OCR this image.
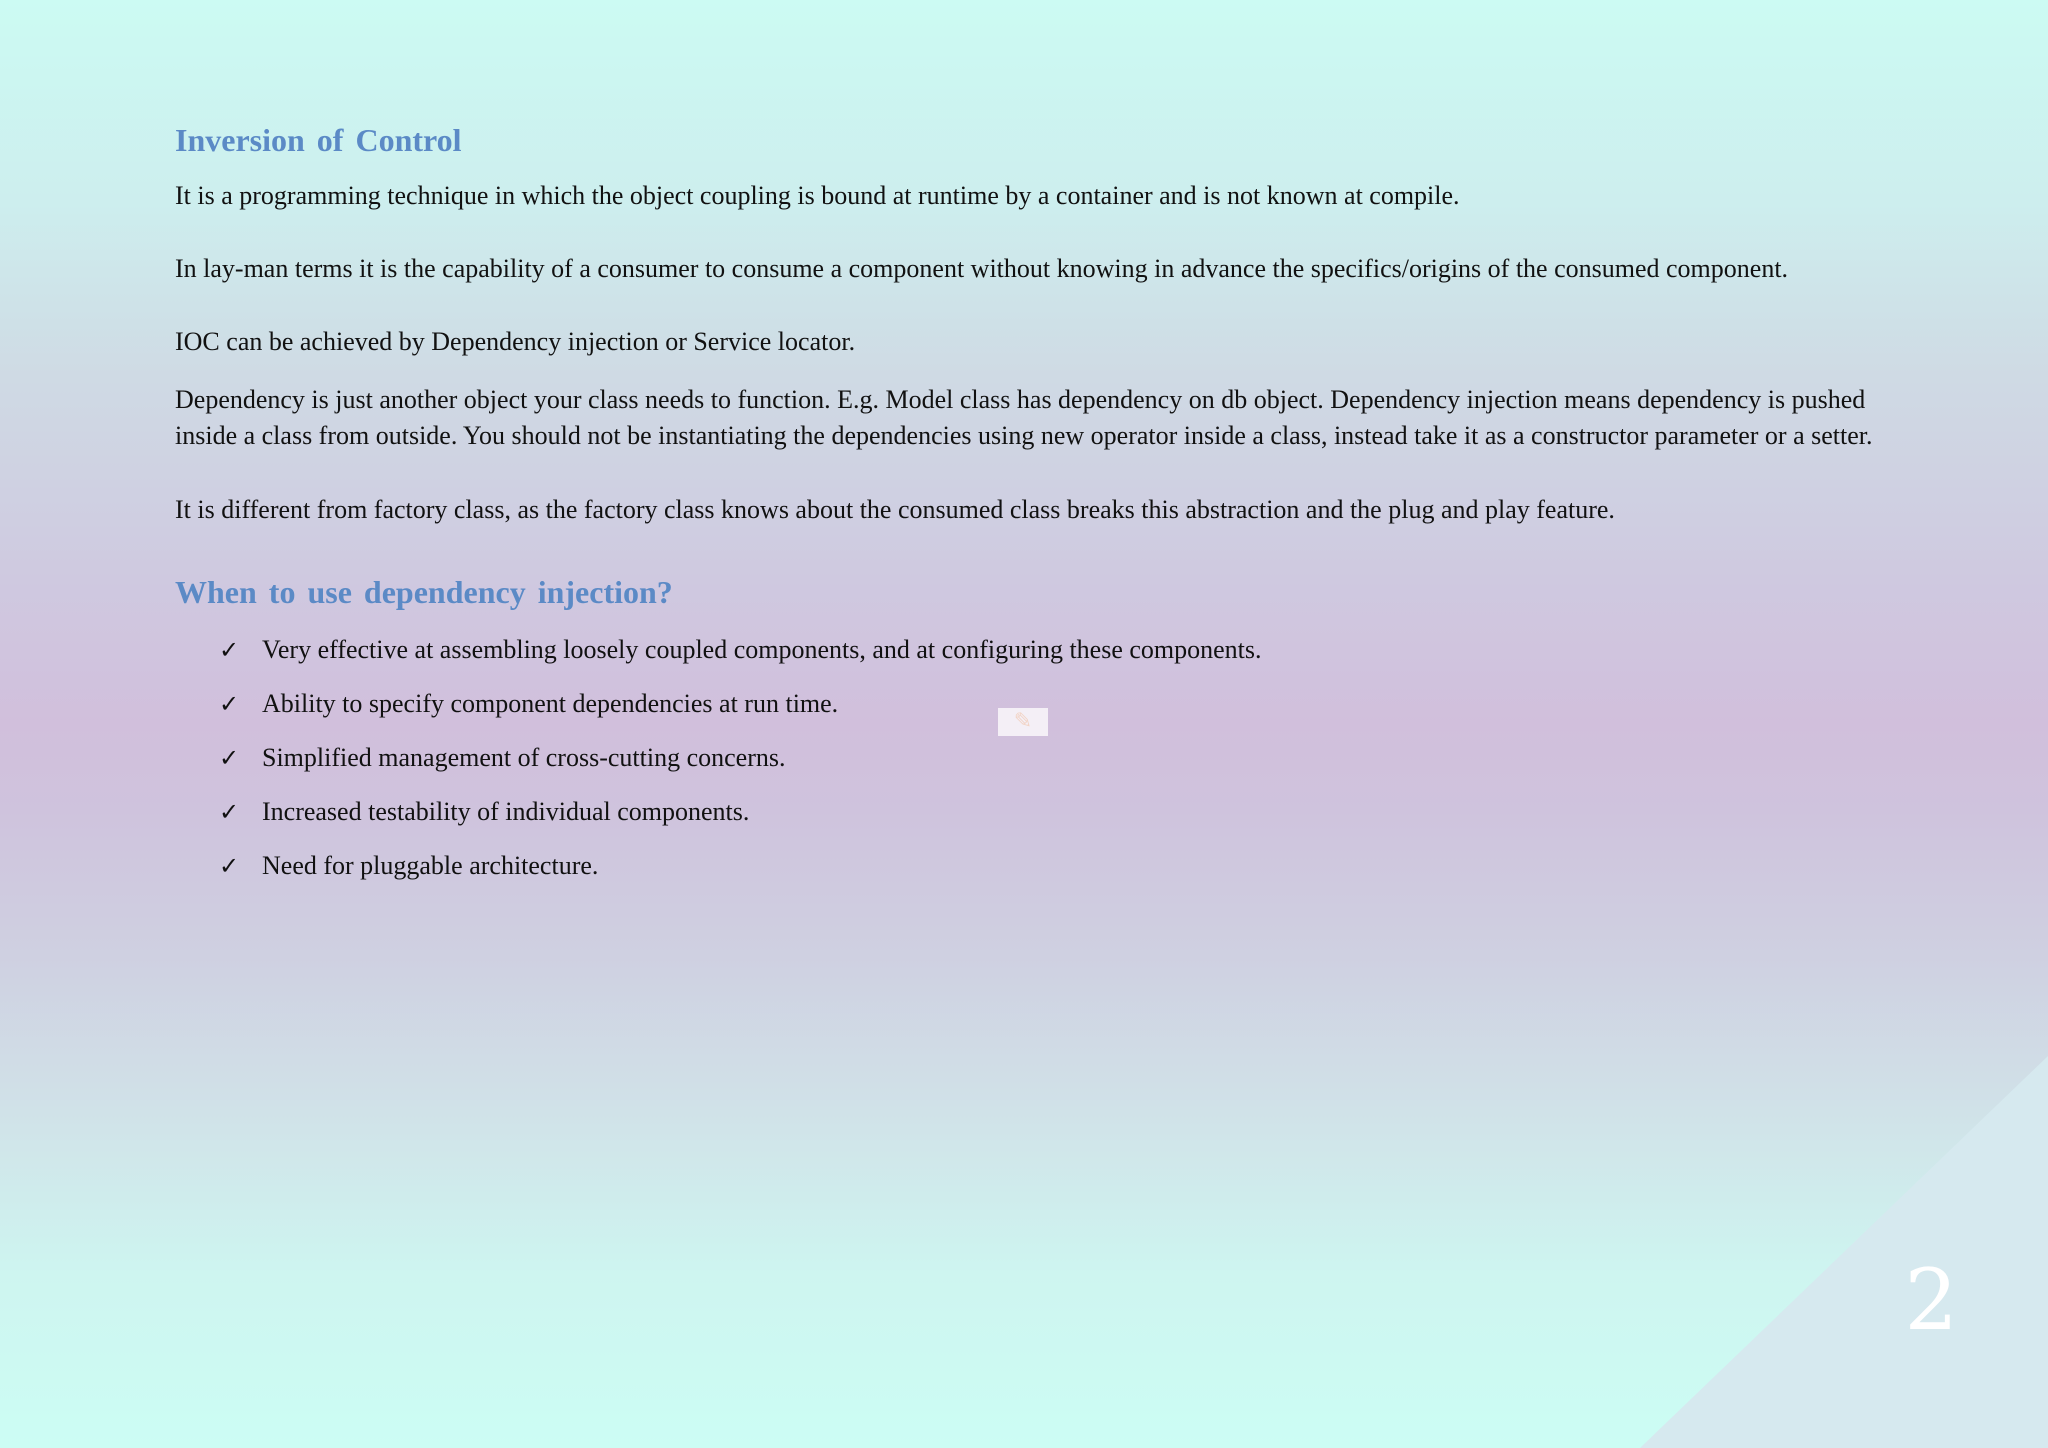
Inversion of Control

It is a programming technique in which the object coupling is bound at runtime by a container and is not known at compile.

In lay-man terms it is the capability of a consumer to consume a component without knowing in advance the specifics/origins of the consumed component.

IOC can be achieved by Dependency injection or Service locator.

Dependency is just another object your class needs to function. E.g. Model class has dependency on db object. Dependency injection means dependency is pushed inside a class from outside. You should not be instantiating the dependencies using new operator inside a class, instead take it as a constructor parameter or a setter.

It is different from factory class, as the factory class knows about the consumed class breaks this abstraction and the plug and play feature.

When to use dependency injection?
✓ Very effective at assembling loosely coupled components, and at configuring these components.
✓ Ability to specify component dependencies at run time.
✓ Simplified management of cross-cutting concerns.
✓ Increased testability of individual components.
✓ Need for pluggable architecture.
✎
2
